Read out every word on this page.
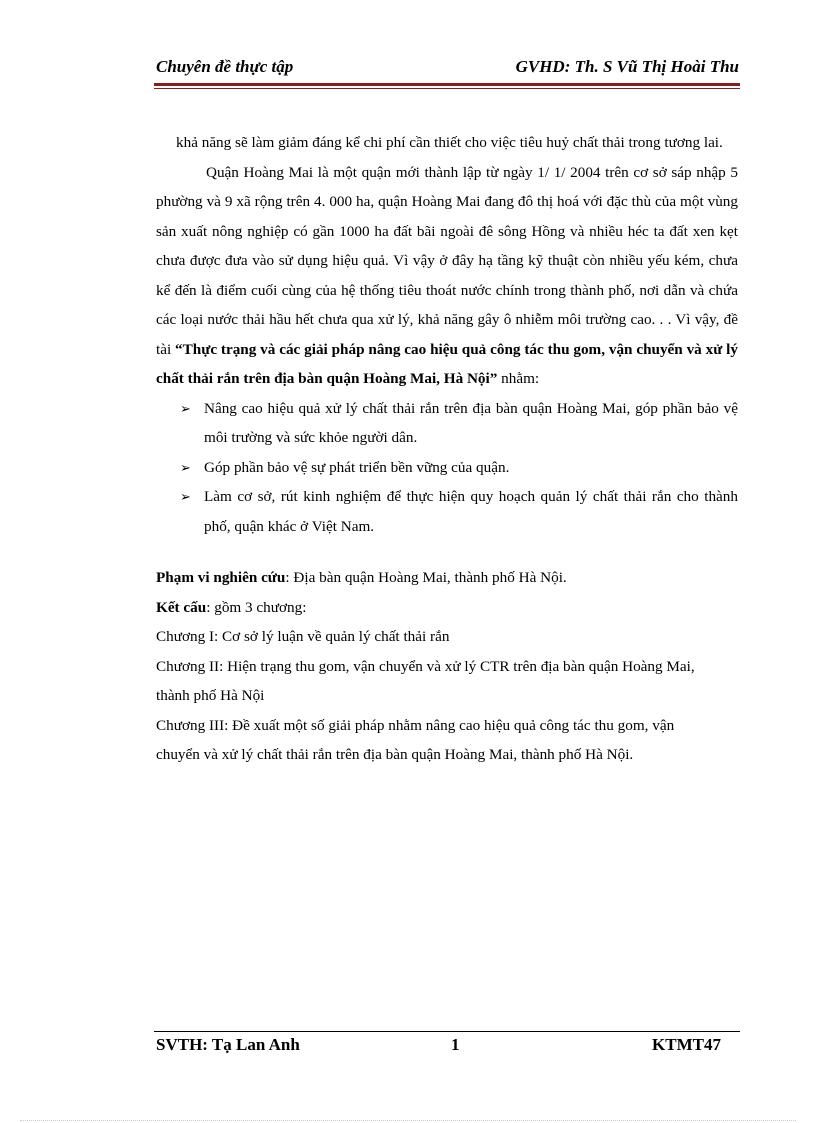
Chuyên đề thực tập	GVHD: Th. S Vũ Thị Hoài Thu

khả năng sẽ làm giảm đáng kể chi phí cần thiết cho việc tiêu huỷ chất thải trong tương lai.

Quận Hoàng Mai là một quận mới thành lập từ ngày 1/ 1/ 2004 trên cơ sở sáp nhập 5 phường và 9 xã rộng trên 4. 000 ha, quận Hoàng Mai đang đô thị hoá với đặc thù của một vùng sản xuất nông nghiệp có gần 1000 ha đất bãi ngoài đê sông Hồng và nhiều héc ta đất xen kẹt chưa được đưa vào sử dụng hiệu quả. Vì vậy ở đây hạ tầng kỹ thuật còn nhiều yếu kém, chưa kể đến là điểm cuối cùng của hệ thống tiêu thoát nước chính trong thành phố, nơi dẫn và chứa các loại nước thải hầu hết chưa qua xử lý, khả năng gây ô nhiễm môi trường cao. . . Vì vậy, đề tài “Thực trạng và các giải pháp nâng cao hiệu quả công tác thu gom, vận chuyển và xử lý chất thải rắn trên địa bàn quận Hoàng Mai, Hà Nội” nhằm:

➢ Nâng cao hiệu quả xử lý chất thải rắn trên địa bàn quận Hoàng Mai, góp phần bảo vệ môi trường và sức khỏe người dân.
➢ Góp phần bảo vệ sự phát triển bền vững của quận.
➢ Làm cơ sở, rút kinh nghiệm để thực hiện quy hoạch quản lý chất thải rắn cho thành phố, quận khác ở Việt Nam.

Phạm vi nghiên cứu: Địa bàn quận Hoàng Mai, thành phố Hà Nội.

Kết cấu: gồm 3 chương:

Chương I: Cơ sở lý luận về quản lý chất thải rắn

Chương II: Hiện trạng thu gom, vận chuyển và xử lý CTR trên địa bàn quận Hoàng Mai, thành phố Hà Nội

Chương III: Đề xuất một số giải pháp nhằm nâng cao hiệu quả công tác thu gom, vận chuyển và xử lý chất thải rắn trên địa bàn quận Hoàng Mai, thành phố Hà Nội.

SVTH: Tạ Lan Anh	1	KTMT47
